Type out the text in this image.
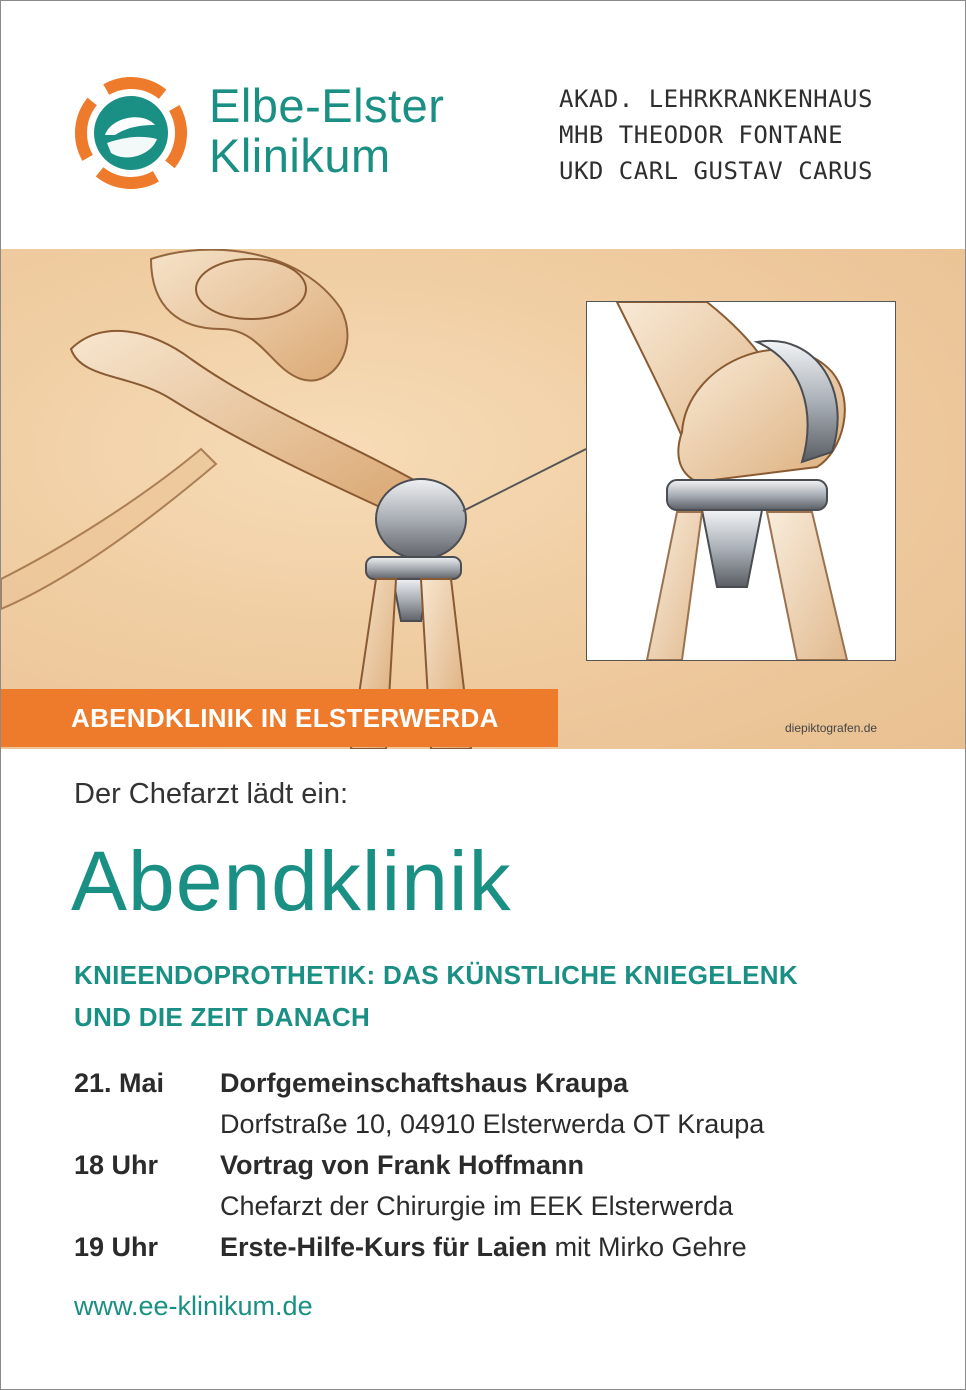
Elbe-Elster
Klinikum
AKAD. LEHRKRANKENHAUS
MHB THEODOR FONTANE
UKD CARL GUSTAV CARUS
ABENDKLINIK IN ELSTERWERDA	diepiktografen.de
Der Chefarzt lädt ein:
Abendklinik
KNIEENDOPROTHETIK: DAS KÜNSTLICHE KNIEGELENK
UND DIE ZEIT DANACH
21. Mai	Dorfgemeinschaftshaus Kraupa
Dorfstraße 10, 04910 Elsterwerda OT Kraupa
18 Uhr	Vortrag von Frank Hoffmann
Chefarzt der Chirurgie im EEK Elsterwerda
19 Uhr	Erste-Hilfe-Kurs für Laien mit Mirko Gehre
www.ee-klinikum.de
